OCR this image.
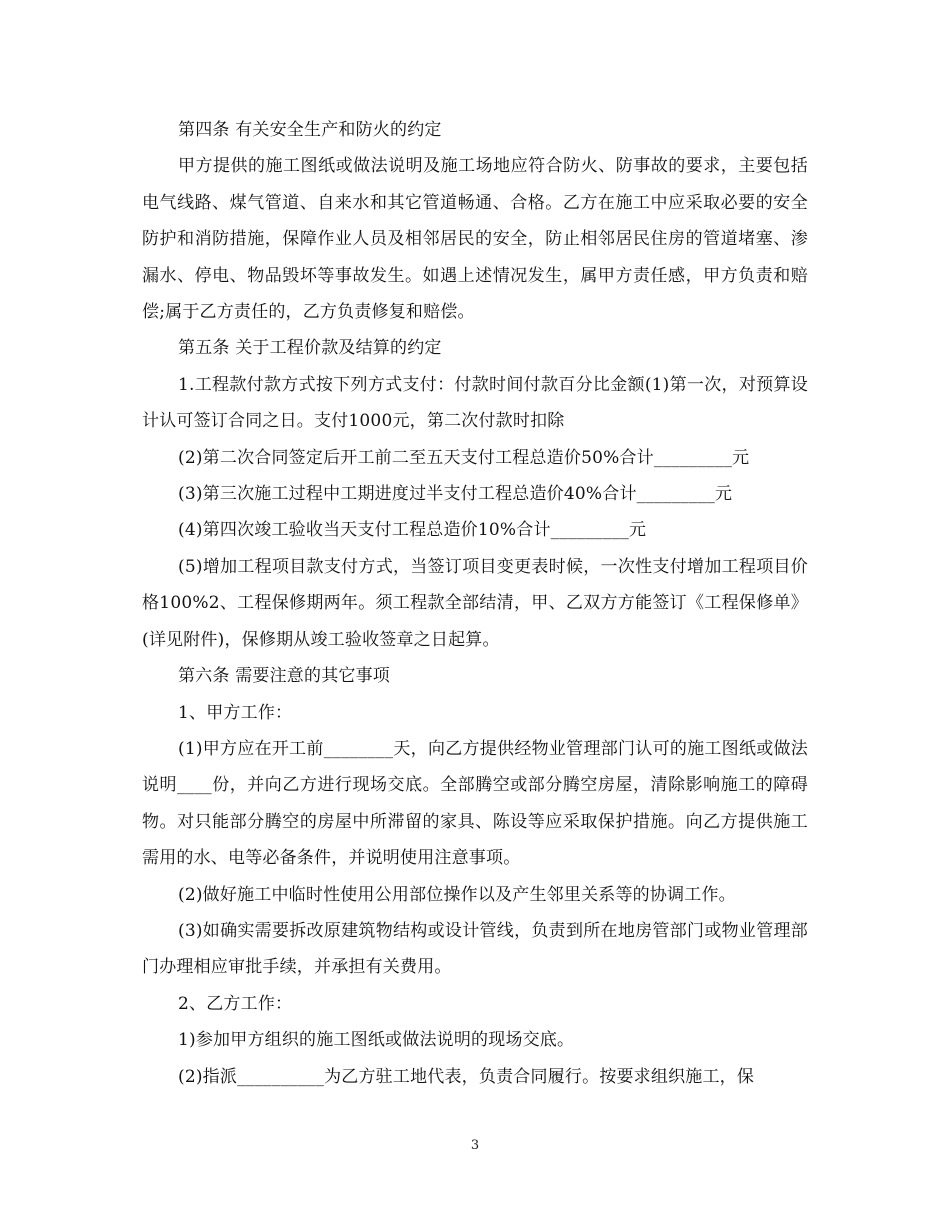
第四条 有关安全生产和防火的约定

甲方提供的施工图纸或做法说明及施工场地应符合防火、防事故的要求，主要包括电气线路、煤气管道、自来水和其它管道畅通、合格。乙方在施工中应采取必要的安全防护和消防措施，保障作业人员及相邻居民的安全，防止相邻居民住房的管道堵塞、渗漏水、停电、物品毁坏等事故发生。如遇上述情况发生，属甲方责任感，甲方负责和赔偿;属于乙方责任的，乙方负责修复和赔偿。

第五条 关于工程价款及结算的约定

1.工程款付款方式按下列方式支付：付款时间付款百分比金额(1)第一次，对预算设计认可签订合同之日。支付1000元，第二次付款时扣除

(2)第二次合同签定后开工前二至五天支付工程总造价50%合计_________元

(3)第三次施工过程中工期进度过半支付工程总造价40%合计_________元

(4)第四次竣工验收当天支付工程总造价10%合计_________元

(5)增加工程项目款支付方式，当签订项目变更表时候，一次性支付增加工程项目价格100%2、工程保修期两年。须工程款全部结清，甲、乙双方方能签订《工程保修单》(详见附件)，保修期从竣工验收签章之日起算。

第六条 需要注意的其它事项

1、甲方工作：

(1)甲方应在开工前________天，向乙方提供经物业管理部门认可的施工图纸或做法说明____份，并向乙方进行现场交底。全部腾空或部分腾空房屋，清除影响施工的障碍物。对只能部分腾空的房屋中所滞留的家具、陈设等应采取保护措施。向乙方提供施工需用的水、电等必备条件，并说明使用注意事项。

(2)做好施工中临时性使用公用部位操作以及产生邻里关系等的协调工作。

(3)如确实需要拆改原建筑物结构或设计管线，负责到所在地房管部门或物业管理部门办理相应审批手续，并承担有关费用。

2、乙方工作：

1)参加甲方组织的施工图纸或做法说明的现场交底。

(2)指派__________为乙方驻工地代表，负责合同履行。按要求组织施工，保

3
